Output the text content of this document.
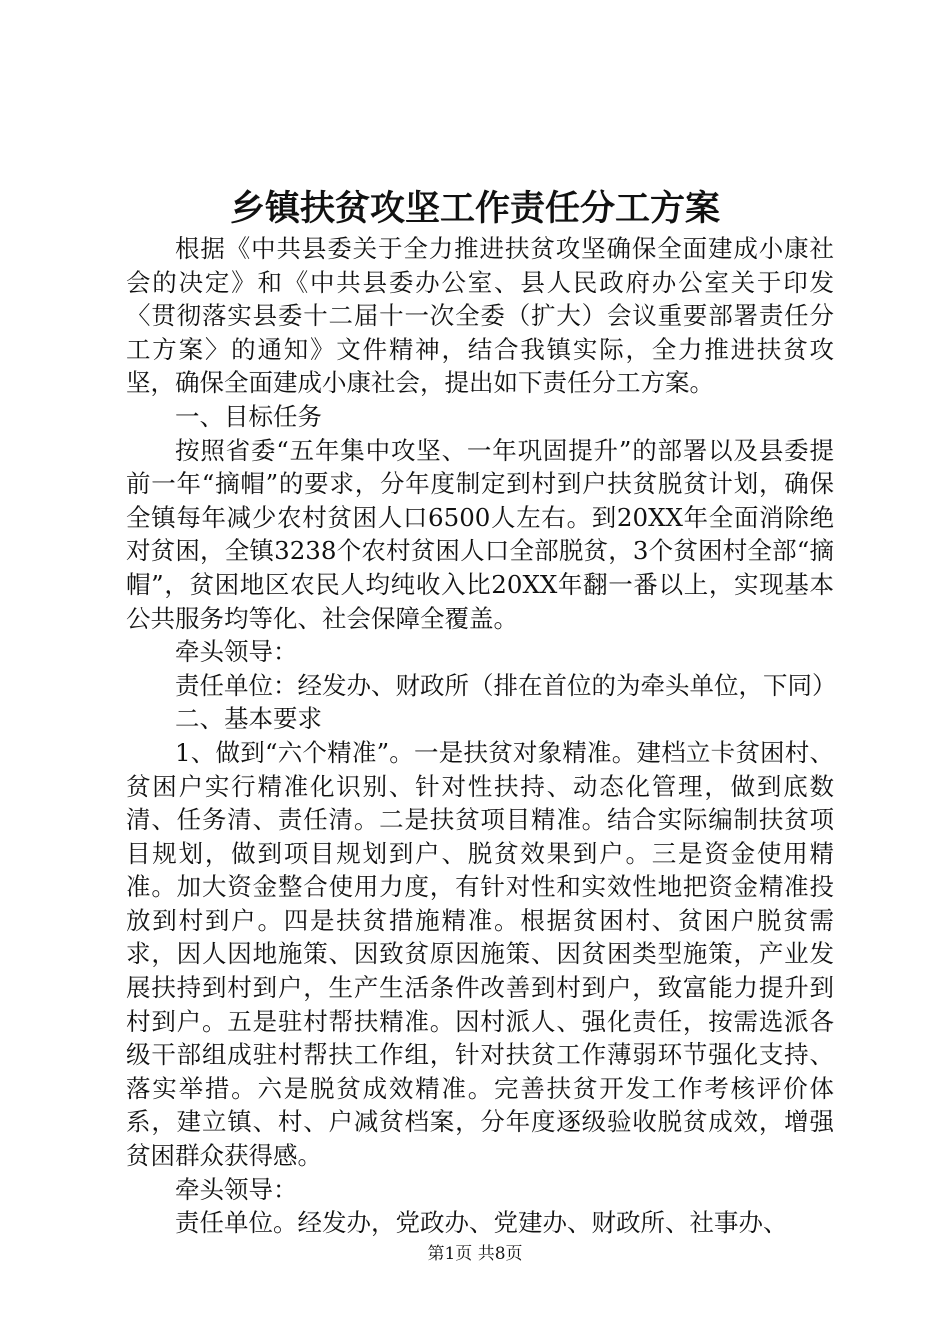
乡镇扶贫攻坚工作责任分工方案

根据《中共县委关于全力推进扶贫攻坚确保全面建成小康社会的决定》和《中共县委办公室、县人民政府办公室关于印发〈贯彻落实县委十二届十一次全委（扩大）会议重要部署责任分工方案〉的通知》文件精神，结合我镇实际，全力推进扶贫攻坚，确保全面建成小康社会，提出如下责任分工方案。

一、目标任务

按照省委“五年集中攻坚、一年巩固提升”的部署以及县委提前一年“摘帽”的要求，分年度制定到村到户扶贫脱贫计划，确保全镇每年减少农村贫困人口6500人左右。到20XX年全面消除绝对贫困，全镇3238个农村贫困人口全部脱贫，3个贫困村全部“摘帽”，贫困地区农民人均纯收入比20XX年翻一番以上，实现基本公共服务均等化、社会保障全覆盖。

牵头领导：

责任单位：经发办、财政所（排在首位的为牵头单位，下同）

二、基本要求

1、做到“六个精准”。一是扶贫对象精准。建档立卡贫困村、贫困户实行精准化识别、针对性扶持、动态化管理，做到底数清、任务清、责任清。二是扶贫项目精准。结合实际编制扶贫项目规划，做到项目规划到户、脱贫效果到户。三是资金使用精准。加大资金整合使用力度，有针对性和实效性地把资金精准投放到村到户。四是扶贫措施精准。根据贫困村、贫困户脱贫需求，因人因地施策、因致贫原因施策、因贫困类型施策，产业发展扶持到村到户，生产生活条件改善到村到户，致富能力提升到村到户。五是驻村帮扶精准。因村派人、强化责任，按需选派各级干部组成驻村帮扶工作组，针对扶贫工作薄弱环节强化支持、落实举措。六是脱贫成效精准。完善扶贫开发工作考核评价体系，建立镇、村、户减贫档案，分年度逐级验收脱贫成效，增强贫困群众获得感。

牵头领导：

责任单位。经发办，党政办、党建办、财政所、社事办、

第1页 共8页
